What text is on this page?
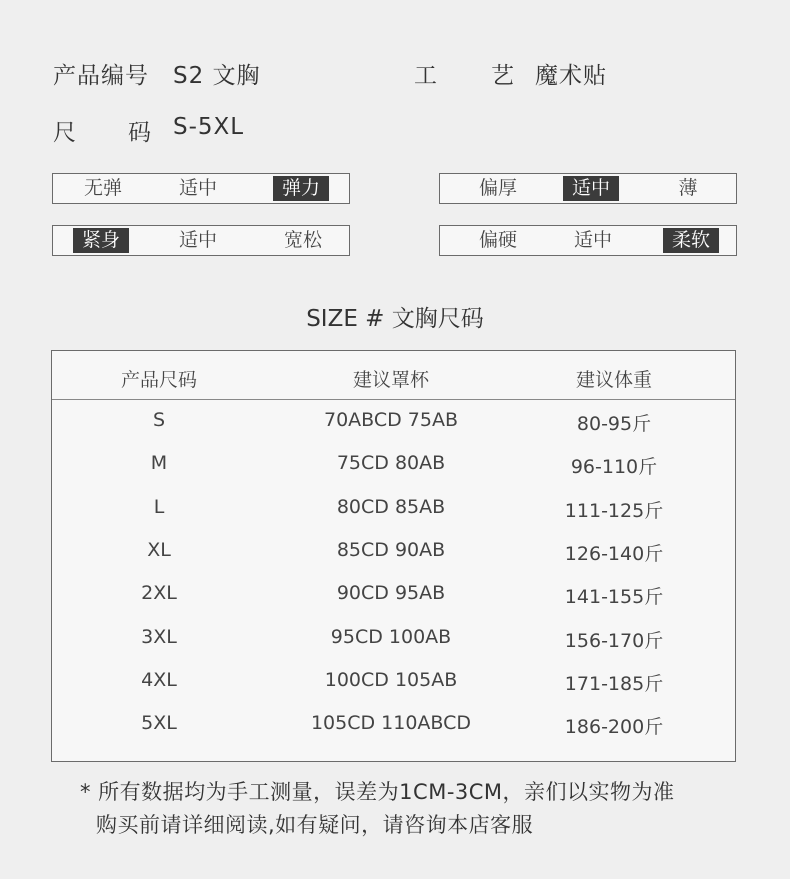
产品编号 S2 文胸	工 艺 魔术贴
尺 码 S-5XL
无弹	适中	弹力	偏厚	适中	薄
紧身	适中	宽松	偏硬	适中	柔软
SIZE # 文胸尺码
产品尺码	建议罩杯	建议体重
S	70ABCD 75AB	80-95斤
M	75CD 80AB	96-110斤
L	80CD 85AB	111-125斤
XL	85CD 90AB	126-140斤
2XL	90CD 95AB	141-155斤
3XL	95CD 100AB	156-170斤
4XL	100CD 105AB	171-185斤
5XL	105CD 110ABCD	186-200斤
* 所有数据均为手工测量，误差为1CM-3CM，亲们以实物为准
购买前请详细阅读,如有疑问，请咨询本店客服
